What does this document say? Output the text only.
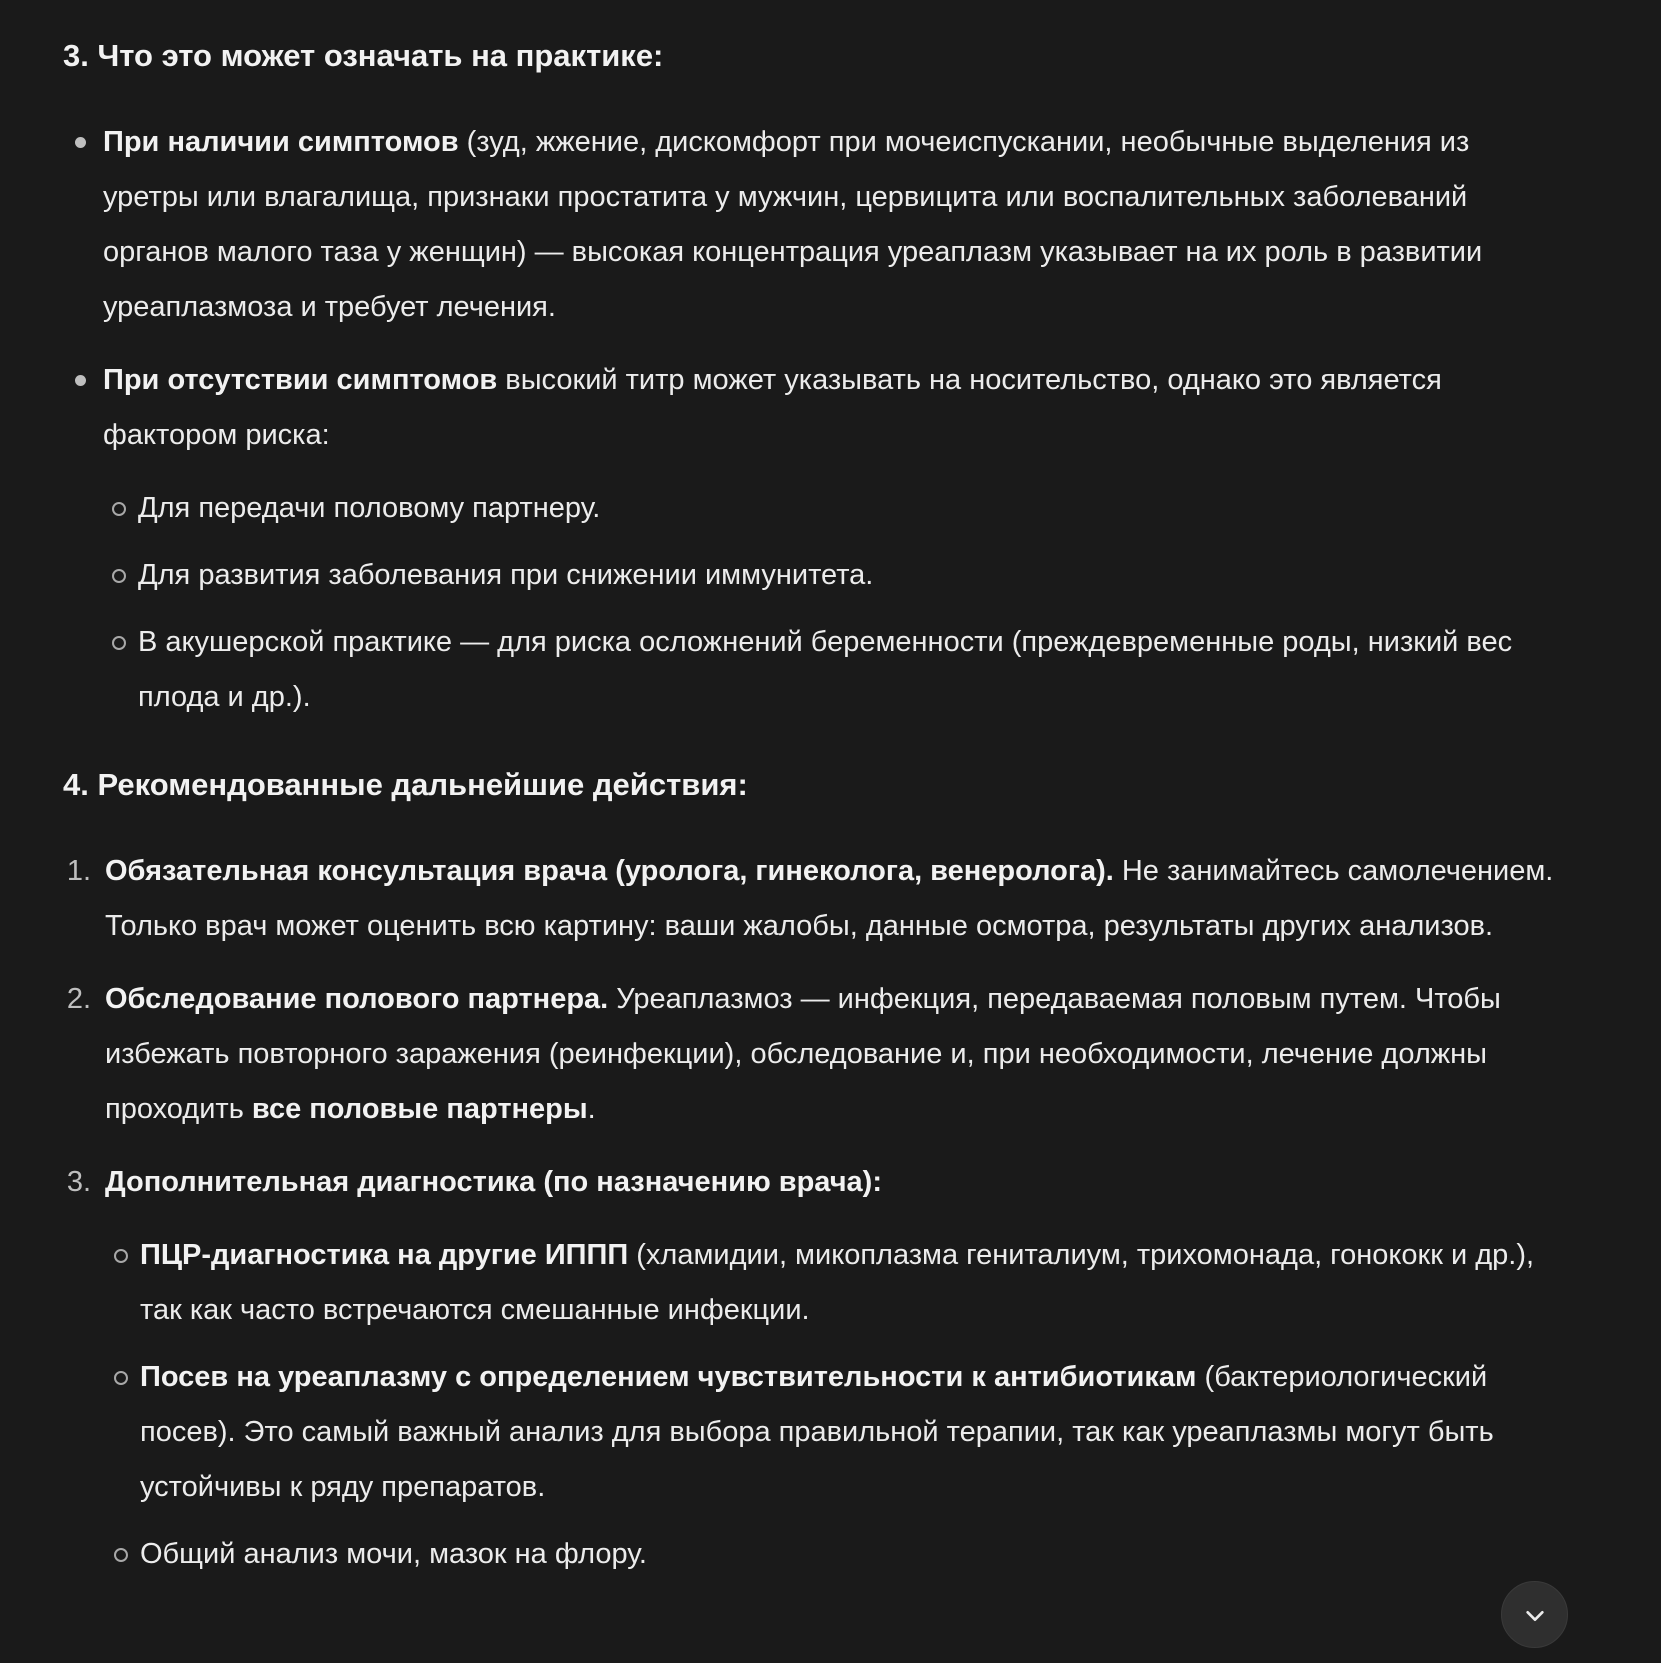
3. Что это может означать на практике:
При наличии симптомов (зуд, жжение, дискомфорт при мочеиспускании, необычные выделения из уретры или влагалища, признаки простатита у мужчин, цервицита или воспалительных заболеваний органов малого таза у женщин) — высокая концентрация уреаплазм указывает на их роль в развитии уреаплазмоза и требует лечения.
При отсутствии симптомов высокий титр может указывать на носительство, однако это является фактором риска:
Для передачи половому партнеру.
Для развития заболевания при снижении иммунитета.
В акушерской практике — для риска осложнений беременности (преждевременные роды, низкий вес плода и др.).
4. Рекомендованные дальнейшие действия:
1. Обязательная консультация врача (уролога, гинеколога, венеролога). Не занимайтесь самолечением. Только врач может оценить всю картину: ваши жалобы, данные осмотра, результаты других анализов.
2. Обследование полового партнера. Уреаплазмоз — инфекция, передаваемая половым путем. Чтобы избежать повторного заражения (реинфекции), обследование и, при необходимости, лечение должны проходить все половые партнеры.
3. Дополнительная диагностика (по назначению врача):
ПЦР-диагностика на другие ИППП (хламидии, микоплазма гениталиум, трихомонада, гонококк и др.), так как часто встречаются смешанные инфекции.
Посев на уреаплазму с определением чувствительности к антибиотикам (бактериологический посев). Это самый важный анализ для выбора правильной терапии, так как уреаплазмы могут быть устойчивы к ряду препаратов.
Общий анализ мочи, мазок на флору.
